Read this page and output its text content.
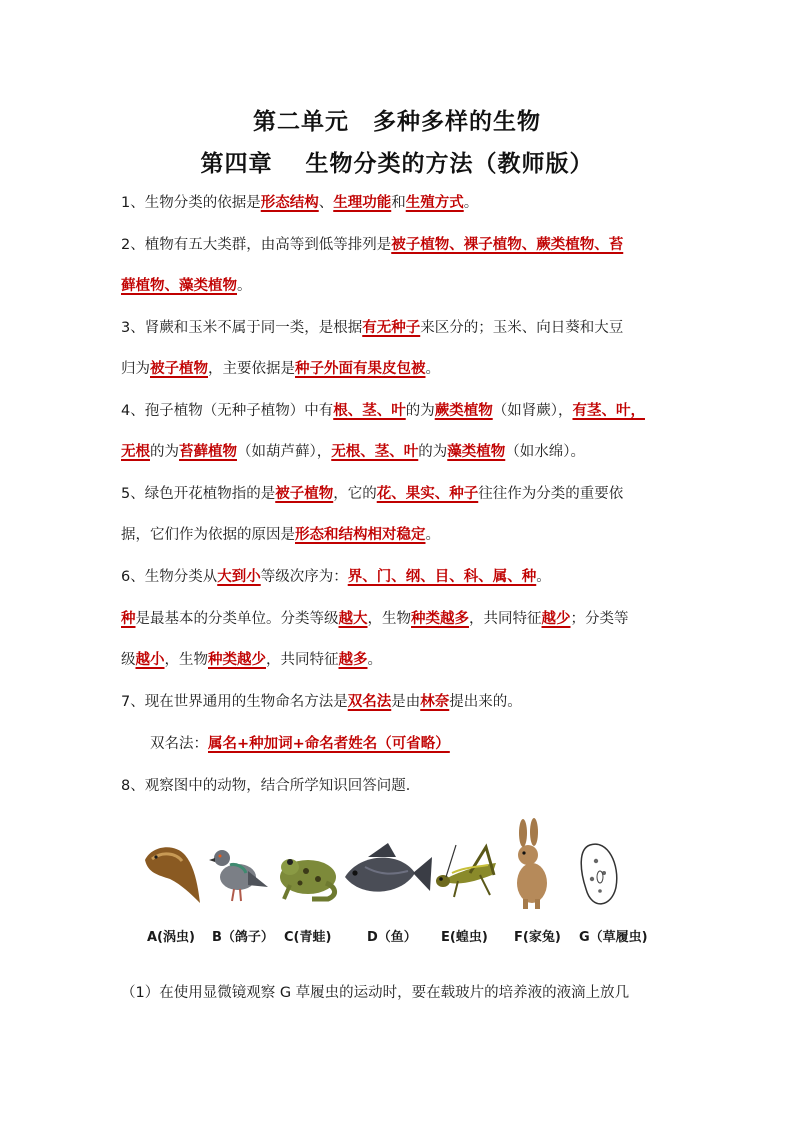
第二单元　多种多样的生物
第四章　 生物分类的方法（教师版）
1、生物分类的依据是形态结构、生理功能和生殖方式。
2、植物有五大类群，由高等到低等排列是被子植物、裸子植物、蕨类植物、苔
藓植物、藻类植物。
3、肾蕨和玉米不属于同一类，是根据有无种子来区分的；玉米、向日葵和大豆
归为被子植物，主要依据是种子外面有果皮包被。
4、孢子植物（无种子植物）中有根、茎、叶的为蕨类植物（如肾蕨），有茎、叶，
无根的为苔藓植物（如葫芦藓），无根、茎、叶的为藻类植物（如水绵）。
5、绿色开花植物指的是被子植物，它的花、果实、种子往往作为分类的重要依
据，它们作为依据的原因是形态和结构相对稳定。
6、生物分类从大到小等级次序为：界、门、纲、目、科、属、种。
种是最基本的分类单位。分类等级越大，生物种类越多，共同特征越少；分类等
级越小，生物种类越少，共同特征越多。
7、现在世界通用的生物命名方法是双名法是由林奈提出来的。
双名法：属名+种加词+命名者姓名（可省略）
8、观察图中的动物，结合所学知识回答问题．
A(涡虫) B（鸽子） C(青蛙)	D（鱼） E(蝗虫) F(家兔) G（草履虫)
（1）在使用显微镜观察 G 草履虫的运动时，要在载玻片的培养液的液滴上放几
